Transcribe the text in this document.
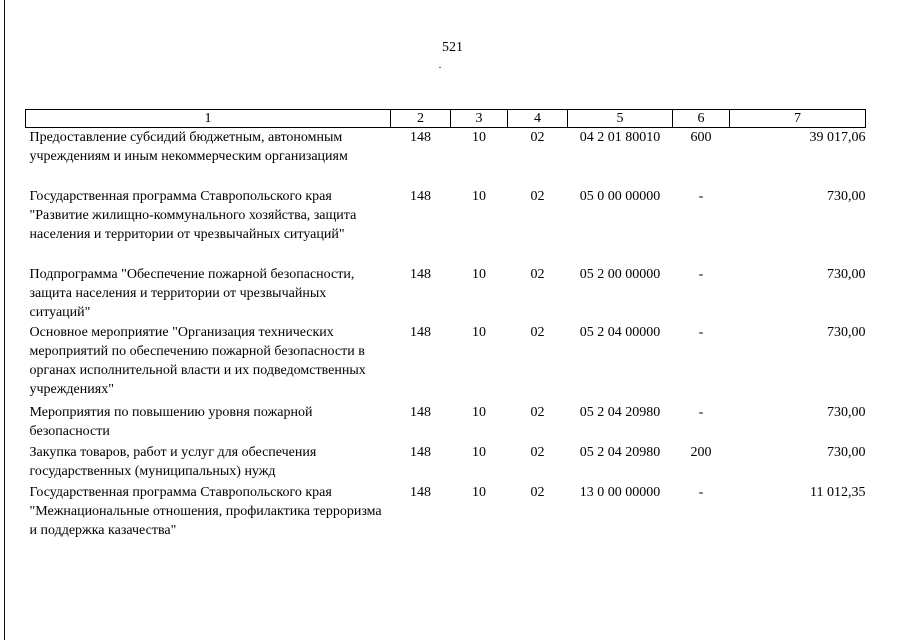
521
1	2	3	4	5	6	7
Предоставление субсидий бюджетным, автономным учреждениям и иным некоммерческим организациям	148	10	02	04 2 01 80010	600	39 017,06
Государственная программа Ставропольского края "Развитие жилищно-коммунального хозяйства, защита населения и территории от чрезвычайных ситуаций"	148	10	02	05 0 00 00000	-	730,00
Подпрограмма "Обеспечение пожарной безопасности, защита населения и территории от чрезвычайных ситуаций"	148	10	02	05 2 00 00000	-	730,00
Основное мероприятие "Организация технических мероприятий по обеспечению пожарной безопасности в органах исполнительной власти и их подведомственных учреждениях"	148	10	02	05 2 04 00000	-	730,00
Мероприятия по повышению уровня пожарной безопасности	148	10	02	05 2 04 20980	-	730,00
Закупка товаров, работ и услуг для обеспечения государственных (муниципальных) нужд	148	10	02	05 2 04 20980	200	730,00
Государственная программа Ставропольского края "Межнациональные отношения, профилактика терроризма и поддержка казачества"	148	10	02	13 0 00 00000	-	11 012,35
